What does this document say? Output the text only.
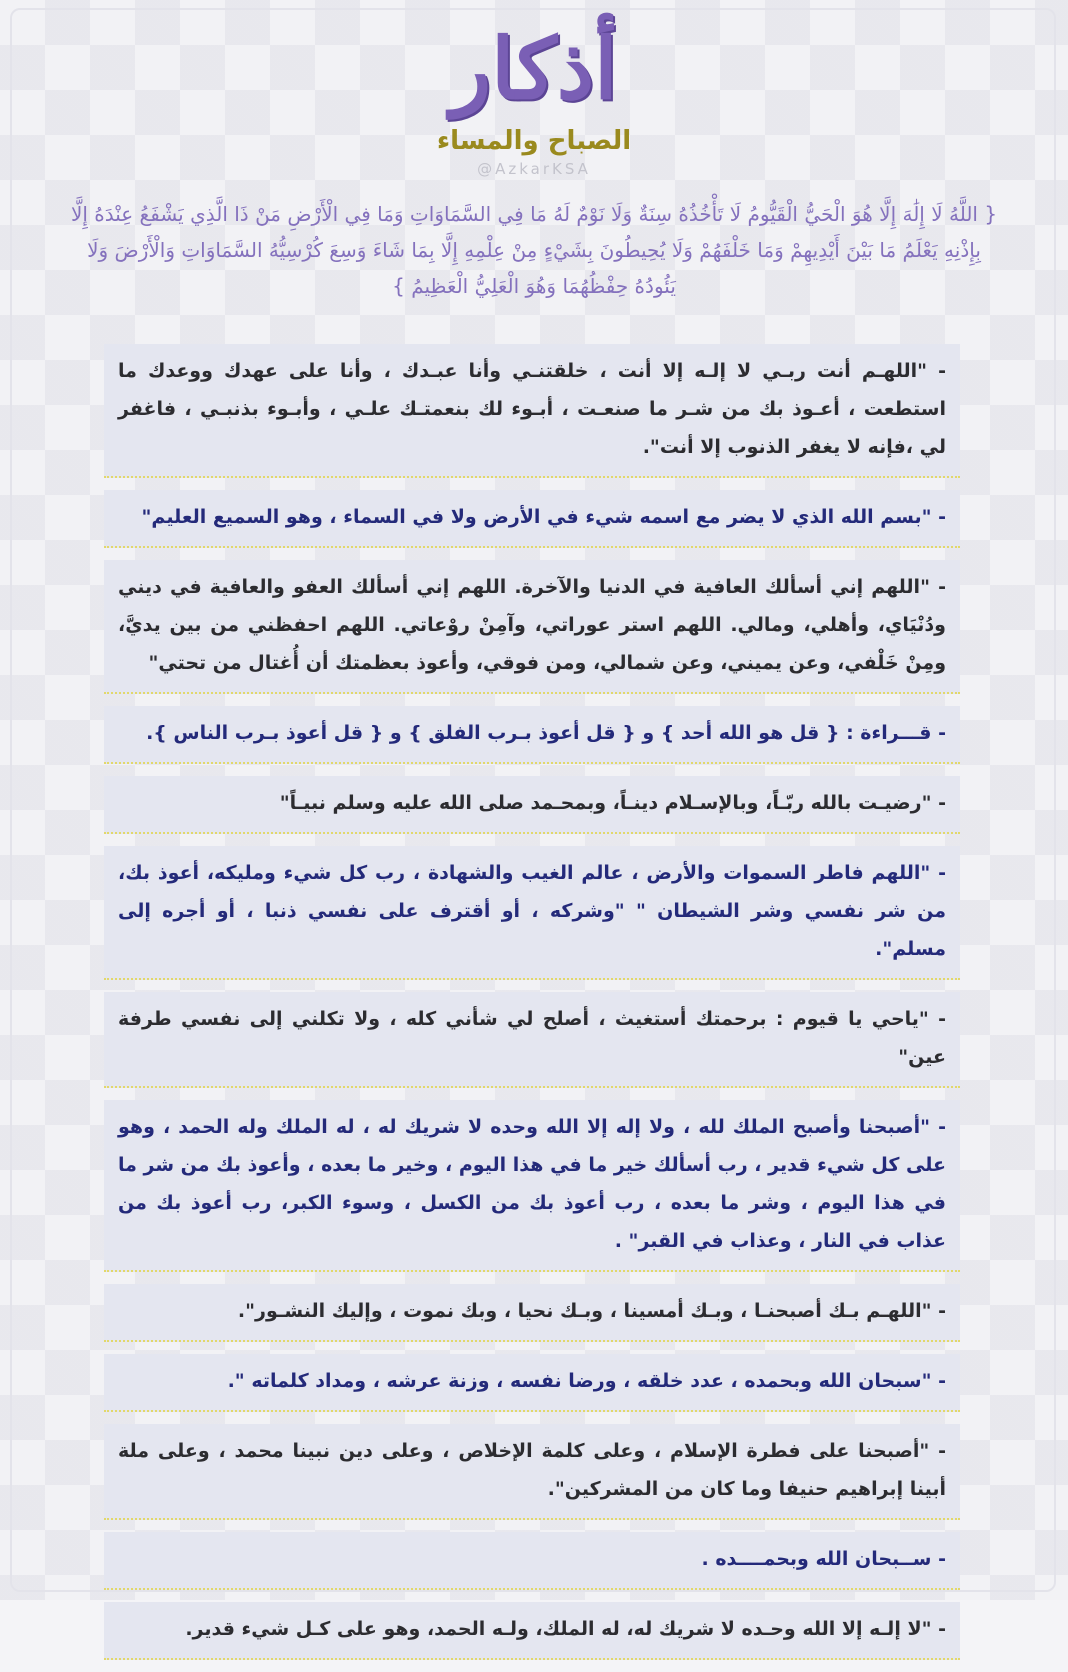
أذكار
الصباح والمساء
@AzkarKSA
{ اللَّهُ لَا إِلَٰهَ إِلَّا هُوَ الْحَيُّ الْقَيُّومُ لَا تَأْخُذُهُ سِنَةٌ وَلَا نَوْمٌ لَهُ مَا فِي السَّمَاوَاتِ وَمَا فِي الْأَرْضِ مَنْ ذَا الَّذِي يَشْفَعُ عِنْدَهُ إِلَّا بِإِذْنِهِ يَعْلَمُ مَا بَيْنَ أَيْدِيهِمْ وَمَا خَلْفَهُمْ وَلَا يُحِيطُونَ بِشَيْءٍ مِنْ عِلْمِهِ إِلَّا بِمَا شَاءَ وَسِعَ كُرْسِيُّهُ السَّمَاوَاتِ وَالْأَرْضَ وَلَا يَئُودُهُ حِفْظُهُمَا وَهُوَ الْعَلِيُّ الْعَظِيمُ }
- "اللهـم أنت ربـي لا إلـه إلا أنت ، خلقتنـي وأنا عبـدك ، وأنا على عهدك ووعدك ما استطعت ، أعـوذ بك من شـر ما صنعـت ، أبـوء لك بنعمتـك علـي ، وأبـوء بذنبـي ، فاغفر لي ،فإنه لا يغفر الذنوب إلا أنت".
- "بسم الله الذي لا يضر مع اسمه شيء في الأرض ولا في السماء ، وهو السميع العليم"
- "اللهم إني أسألك العافية في الدنيا والآخرة. اللهم إني أسألك العفو والعافية في ديني ودُنْيَاي، وأهلي، ومالي. اللهم استر عوراتي، وآمِنْ روْعاتي. اللهم احفظني من بين يديَّ، ومِنْ خَلْفي، وعن يميني، وعن شمالي، ومن فوقي، وأعوذ بعظمتك أن أُغتال من تحتي"
- قـــراءة : { قل هو الله أحد } و { قل أعوذ بـرب الفلق } و { قل أعوذ بـرب الناس }.
- "رضيـت بالله ربّـاً، وبالإسـلام دينـاً، وبمحـمد صلى الله عليه وسلم نبيـاً"
- "اللهم فاطر السموات والأرض ، عالم الغيب والشهادة ، رب كل شيء ومليكه، أعوذ بك، من شر نفسي وشر الشيطان " "وشركه ، أو أقترف على نفسي ذنبا ، أو أجره إلى مسلم".
- "ياحي يا قيوم : برحمتك أستغيث ، أصلح لي شأني كله ، ولا تكلني إلى نفسي طرفة عين"
- "أصبحنا وأصبح الملك لله ، ولا إله إلا الله وحده لا شريك له ، له الملك وله الحمد ، وهو على كل شيء قدير ، رب أسألك خير ما في هذا اليوم ، وخير ما بعده ، وأعوذ بك من شر ما في هذا اليوم ، وشر ما بعده ، رب أعوذ بك من الكسل ، وسوء الكبر، رب أعوذ بك من عذاب في النار ، وعذاب في القبر" .
- "اللهـم بـك أصبحنـا ، وبـك أمسينا ، وبـك نحيا ، وبك نموت ، وإليك النشـور".
- "سبحان الله وبحمده ، عدد خلقه ، ورضا نفسه ، وزنة عرشه ، ومداد كلماته ".
- "أصبحنا على فطرة الإسلام ، وعلى كلمة الإخلاص ، وعلى دين نبينا محمد ، وعلى ملة أبينا إبراهيم حنيفا وما كان من المشركين".
- ســبحان الله وبحمــــده .
- "لا إلـه إلا الله وحـده لا شريك له، له الملك، ولـه الحمد، وهو على كـل شيء قدير.
